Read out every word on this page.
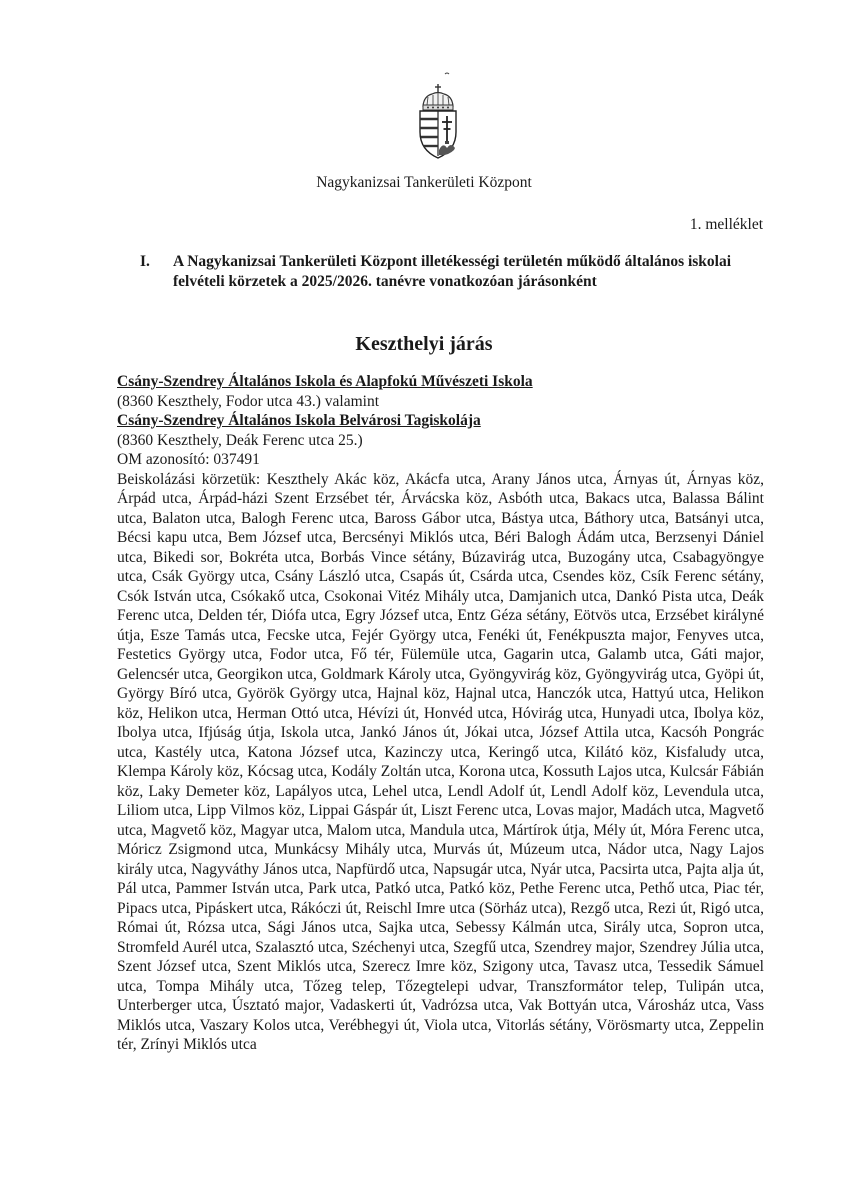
Nagykanizsai Tankerületi Központ
1. melléklet
I. A Nagykanizsai Tankerületi Központ illetékességi területén működő általános iskolai felvételi körzetek a 2025/2026. tanévre vonatkozóan járásonként
Keszthelyi járás

Csány-Szendrey Általános Iskola és Alapfokú Művészeti Iskola

(8360 Keszthely, Fodor utca 43.) valamint

Csány-Szendrey Általános Iskola Belvárosi Tagiskolája

(8360 Keszthely, Deák Ferenc utca 25.)

OM azonosító: 037491

Beiskolázási körzetük: Keszthely Akác köz, Akácfa utca, Arany János utca, Árnyas út, Árnyas köz, Árpád utca, Árpád-házi Szent Erzsébet tér, Árvácska köz, Asbóth utca, Bakacs utca, Balassa Bálint utca, Balaton utca, Balogh Ferenc utca, Baross Gábor utca, Bástya utca, Báthory utca, Batsányi utca, Bécsi kapu utca, Bem József utca, Bercsényi Miklós utca, Béri Balogh Ádám utca, Berzsenyi Dániel utca, Bikedi sor, Bokréta utca, Borbás Vince sétány, Búzavirág utca, Buzogány utca, Csabagyöngye utca, Csák György utca, Csány László utca, Csapás út, Csárda utca, Csendes köz, Csík Ferenc sétány, Csók István utca, Csókakő utca, Csokonai Vitéz Mihály utca, Damjanich utca, Dankó Pista utca, Deák Ferenc utca, Delden tér, Diófa utca, Egry József utca, Entz Géza sétány, Eötvös utca, Erzsébet királyné útja, Esze Tamás utca, Fecske utca, Fejér György utca, Fenéki út, Fenékpuszta major, Fenyves utca, Festetics György utca, Fodor utca, Fő tér, Fülemüle utca, Gagarin utca, Galamb utca, Gáti major, Gelencsér utca, Georgikon utca, Goldmark Károly utca, Gyöngyvirág köz, Gyöngyvirág utca, Gyöpi út, György Bíró utca, Györök György utca, Hajnal köz, Hajnal utca, Hanczók utca, Hattyú utca, Helikon köz, Helikon utca, Herman Ottó utca, Hévízi út, Honvéd utca, Hóvirág utca, Hunyadi utca, Ibolya köz, Ibolya utca, Ifjúság útja, Iskola utca, Jankó János út, Jókai utca, József Attila utca, Kacsóh Pongrác utca, Kastély utca, Katona József utca, Kazinczy utca, Keringő utca, Kilátó köz, Kisfaludy utca, Klempa Károly köz, Kócsag utca, Kodály Zoltán utca, Korona utca, Kossuth Lajos utca, Kulcsár Fábián köz, Laky Demeter köz, Lapályos utca, Lehel utca, Lendl Adolf út, Lendl Adolf köz, Levendula utca, Liliom utca, Lipp Vilmos köz, Lippai Gáspár út, Liszt Ferenc utca, Lovas major, Madách utca, Magvető utca, Magvető köz, Magyar utca, Malom utca, Mandula utca, Mártírok útja, Mély út, Móra Ferenc utca, Móricz Zsigmond utca, Munkácsy Mihály utca, Murvás út, Múzeum utca, Nádor utca, Nagy Lajos király utca, Nagyváthy János utca, Napfürdő utca, Napsugár utca, Nyár utca, Pacsirta utca, Pajta alja út, Pál utca, Pammer István utca, Park utca, Patkó utca, Patkó köz, Pethe Ferenc utca, Pethő utca, Piac tér, Pipacs utca, Pipáskert utca, Rákóczi út, Reischl Imre utca (Sörház utca), Rezgő utca, Rezi út, Rigó utca, Római út, Rózsa utca, Sági János utca, Sajka utca, Sebessy Kálmán utca, Sirály utca, Sopron utca, Stromfeld Aurél utca, Szalasztó utca, Széchenyi utca, Szegfű utca, Szendrey major, Szendrey Júlia utca, Szent József utca, Szent Miklós utca, Szerecz Imre köz, Szigony utca, Tavasz utca, Tessedik Sámuel utca, Tompa Mihály utca, Tőzeg telep, Tőzegtelepi udvar, Transzformátor telep, Tulipán utca, Unterberger utca, Úsztató major, Vadaskerti út, Vadrózsa utca, Vak Bottyán utca, Városház utca, Vass Miklós utca, Vaszary Kolos utca, Verébhegyi út, Viola utca, Vitorlás sétány, Vörösmarty utca, Zeppelin tér, Zrínyi Miklós utca
